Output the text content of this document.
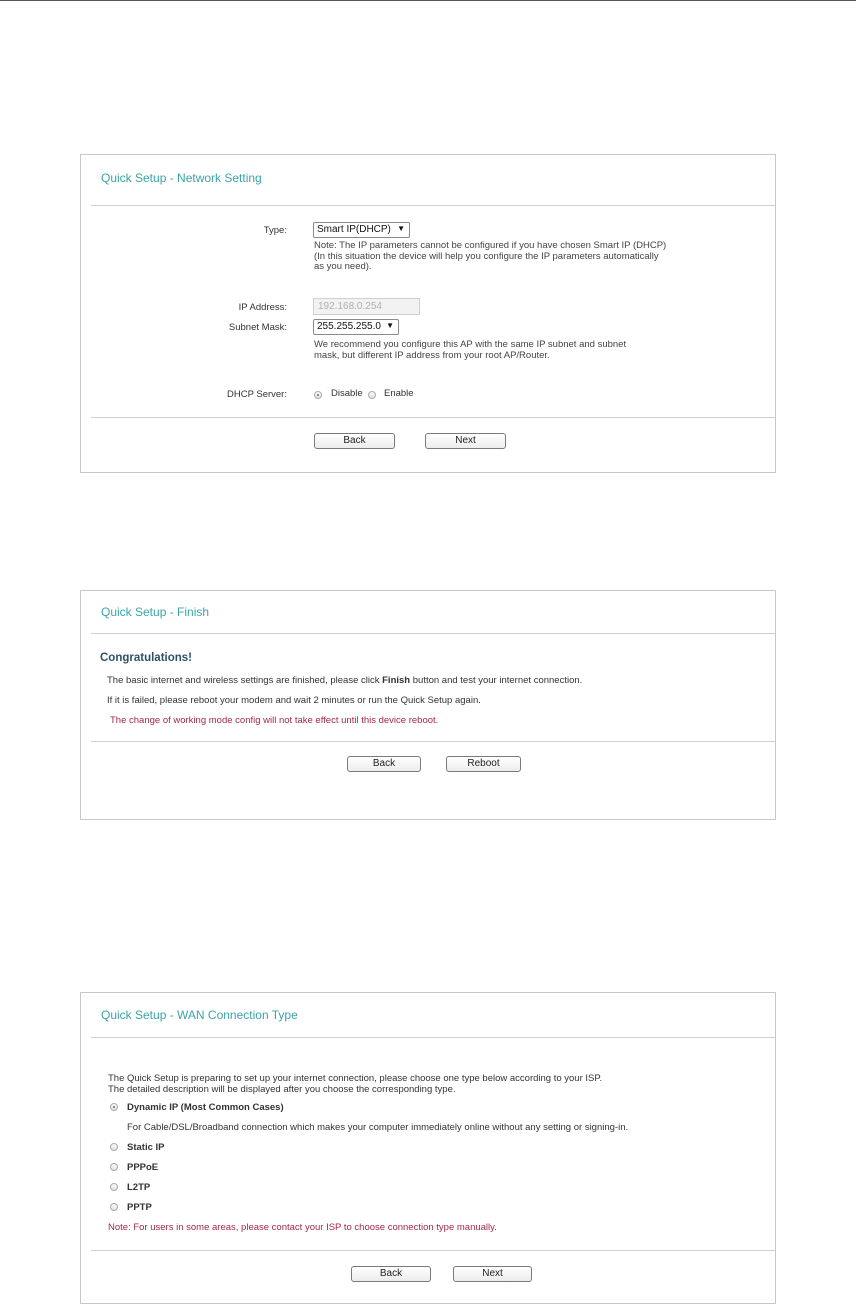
Quick Setup - Network Setting
Type:	Smart IP(DHCP) ▼
Note: The IP parameters cannot be configured if you have chosen Smart IP (DHCP)
(In this situation the device will help you configure the IP parameters automatically
as you need).
IP Address:	192.168.0.254
Subnet Mask:	255.255.255.0 ▼
We recommend you configure this AP with the same IP subnet and subnet
mask, but different IP address from your root AP/Router.
DHCP Server:	Disable Enable
Back	Next
Quick Setup - Finish
Congratulations!
The basic internet and wireless settings are finished, please click Finish button and test your internet connection.
If it is failed, please reboot your modem and wait 2 minutes or run the Quick Setup again.
The change of working mode config will not take effect until this device reboot.
Back	Reboot
Quick Setup - WAN Connection Type
The Quick Setup is preparing to set up your internet connection, please choose one type below according to your ISP.
The detailed description will be displayed after you choose the corresponding type.
Dynamic IP (Most Common Cases)
For Cable/DSL/Broadband connection which makes your computer immediately online without any setting or signing-in.
Static IP
PPPoE
L2TP
PPTP
Note: For users in some areas, please contact your ISP to choose connection type manually.
Back	Next
